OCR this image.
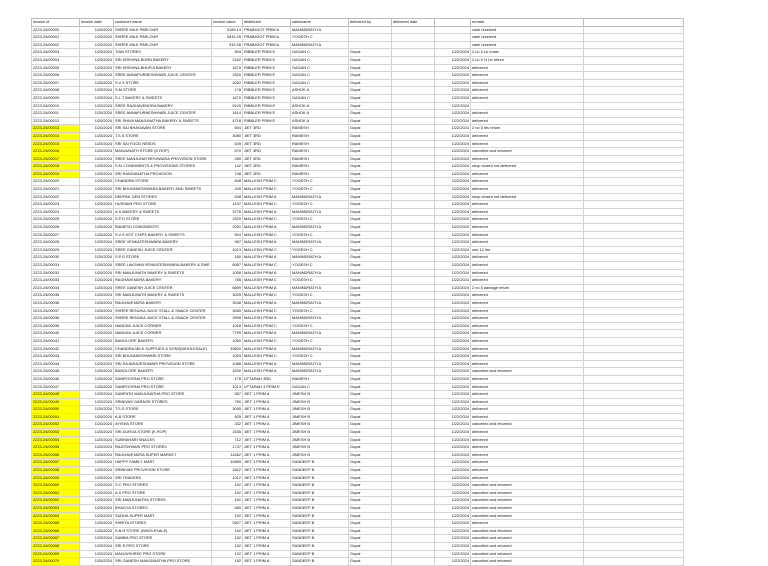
invoice id	invoice date	customer name	invoice value	distributor	salesname	delivered by	delivered date		remark	
2223-24/00000	1/20/2024	SHREE MILK PARLOUR	3159.14	PRABHJOT PRIM A	MANINDRATH A				cash received	
2223-24/00001	1/20/2024	SHREE MILK PARLOUR	2815.25	PRABHJOT PRIM A	YOGESH C				cash received	
2223-24/00002	1/20/2024	SHREE MILK PARLOUR	915.36	PRABHJOT PRIM A	MANINDRATH A				cash received	
2223-24/00003	1/20/2024	TIAN STORES	504	RIBBLER PRIM E	GAGAN C	Gopal		1/22/2024	2 no 5 Ltr chain	
2223-24/00004	1/20/2024	SRI KRISHNA BORN BAKERY	2182	RIBBLER PRIM E	GAGAN C	Gopal		1/22/2024	2 no 5 ½ Ltr return	
2223-24/00005	1/20/2024	SRI KRISHNA BHURJI BAKERY	1670	RIBBLER PRIM E	GAGAN C	Gopal		1/22/2024	delivered	
2223-24/00006	1/20/2024	SREE ANNAPURNESHWARI JUICE CENTER	1520	RIBBLER PRIM E	GAGAN C	Gopal		1/22/2024	delivered	
2223-24/00007	1/20/2024	S.V.S STORE	1052	RIBBLER PRIM E	GAGAN C	Gopal		1/22/2024	delivered	
2223-24/00008	1/20/2024	S.M.STORE	178	RIBBLER PRIM E	ASHOK A	Gopal		1/22/2024	delivered	
2223-24/00009	1/20/2024	S.L.T BAKERY & SWEETS	1670	RIBBLER PRIM E	GAGAN C	Gopal		1/22/2024	delivered	
2223-24/00010	1/20/2024	SREE RAGHAVENDRA BAKERY	9120	RIBBLER PRIM E	ASHOK A	Gopal		1/22/2024		
2223-24/00011	1/20/2024	SREE ANNAPURNESHWARI JUICE CENTER	1614	RIBBLER PRIM E	ASHOK A	Gopal		1/22/2024	delivered	
2223-24/00012	1/20/2024	SRI SHIVA MANJUNATHA BAKERY & SWEETS	4716	RIBBLER PRIM E	ASHOK A	Gopal		1/22/2024	delivered	
2223-24/00013	1/20/2024	SRI SAI BHAGAVAN STORE	504	JIET 3RD	RAMESH	Gopal		1/22/2024	2 no 5 ltrs return	
2223-24/00014	1/20/2024	T.S.S STORE	3080	JIET 3RD	RAMESH	Gopal		1/22/2024	delivered	
2223-24/00015	1/20/2024	SRI SAI FOOD NEEDS	639	JIET 3RD	RAMESH	Gopal		1/22/2024	delivered	
2223-24/00016	1/20/2024	MANJUNATH STORE (K ROP)	570	JIET 3RD	RAMESH	Gopal		1/22/2024	cancelled and returned	
2223-24/00017	1/20/2024	SREE MANJUNATHESHWARA PROVISION STORE	289	JIET 3RD	RAMESH	Gopal		1/22/2024	delivered	
2223-24/00018	1/20/2024	S.M CONDIMENTS & PROVISIONS STORES	142	JIET 3RD	RAMESH	Gopal		1/22/2024	shop closed not delivered	
2223-24/00019	1/20/2024	SRI RANGANATHA PROVISION	748	JIET 3RD	RAMESH	Gopal		1/22/2024	delivered	
2223-24/00020	1/20/2024	CHANDRA STORE	608	MALLESH PRIM C	YOGESH C	Gopal		1/22/2024	delivered	
2223-24/00021	1/20/2024	SRI BHUVANESHWARA BAKERY AND SWEETS	435	MALLESH PRIM C	YOGESH C	Gopal		1/22/2024	delivered	
2223-24/00022	1/20/2024	DEEPAK GEN STORES	638	MALLESH PRIM A	MANINDRATH A	Gopal		1/22/2024	shop closed not delivered	
2223-24/00023	1/20/2024	HUSSAIN PRO STORE	1197	MALLESH PRIM C	YOGESH C	Gopal		1/22/2024	delivered	
2223-24/00024	1/20/2024	A.S BAKERY & SWEETS	3776	MALLESH PRIM A	MANINDRATH A	Gopal		1/22/2024	delivered	
2223-24/00025	1/20/2024	S.P.G STORE	1529	MALLESH PRIM C	YOGESH C	Gopal		1/22/2024	delivered	
2223-24/00026	1/20/2024	RAMESH CONDIMENTS	2051	MALLESH PRIM A	MANINDRATH A	Gopal		1/22/2024	delivered	
2223-24/00027	1/20/2024	S.V.S HOT CHIPS BAKERY & SWEETS	504	MALLESH PRIM C	YOGESH C	Gopal		1/22/2024	delivered	
2223-24/00028	1/20/2024	SREE VENKATESHWARA BAKERY	967	MALLESH PRIM A	MANINDRATH A	Gopal		1/22/2024	delivered	
2223-24/00029	1/20/2024	SREE GANESH JUICE CENTER	1013	MALLESH PRIM C	YOGESH C	Gopal		1/22/2024	one 12 ltrs	
2223-24/00030	1/20/2024	S.P.G STORE	160	MALLESH PRIM A	MANINDRATH A	Gopal		1/22/2024	delivered	
2223-24/00031	1/20/2024	SREE LAKSHMI VENKATESHWARA BAKERY & SWE	8067	MALLESH PRIM C	YOGESH C	Gopal		1/22/2024	delivered	
2223-24/00032	1/20/2024	SRI MANJUNATH BAKERY & SWEETS	1058	MALLESH PRIM A	MANINDRATH A	Gopal		1/22/2024	delivered	
2223-24/00033	1/20/2024	RAGHAVENDRA BAKERY	785	MALLESH PRIM C	YOGESH C	Gopal		1/22/2024	delivered	
2223-24/00034	1/20/2024	SREE GANESH JUICE CENTER	6699	MALLESH PRIM A	MANINDRATH A	Gopal		1/22/2024	2 no 5 damage return	
2223-24/00035	1/20/2024	SRI MANJUNATH BAKERY & SWEETS	3025	MALLESH PRIM C	YOGESH C	Gopal		1/22/2024	delivered	
2223-24/00036	1/20/2024	RAGHAVENDRA BAKERY	3046	MALLESH PRIM A	MANINDRATH A	Gopal		1/22/2024	delivered	
2223-24/00037	1/20/2024	SHREE RENUKA JUICE STALL & SNACK CENTER	3080	MALLESH PRIM C	YOGESH C	Gopal		1/22/2024	delivered	
2223-24/00038	1/20/2024	SHREE RENUKA JUICE STALL & SNACK CENTER	3998	MALLESH PRIM A	MANINDRATH A	Gopal		1/22/2024	delivered	
2223-24/00039	1/20/2024	NANDINI JUICE CORNER	1018	MALLESH PRIM C	YOGESH C	Gopal		1/22/2024	delivered	
2223-24/00040	1/20/2024	NANDINI JUICE CORNER	7799	MALLESH PRIM A	MANINDRATH A	Gopal		1/22/2024	delivered	
2223-24/00041	1/20/2024	BANGLORE BAKERY	1050	MALLESH PRIM C	YOGESH C	Gopal		1/22/2024	delivered	
2223-24/00042	1/20/2024	CHANDRA MILK SUPPLIES & SONS(WHOLESALE)	39600	MALLESH PRIM A	MANINDRATH A	Gopal		1/22/2024	delivered	
2223-24/00043	1/20/2024	SRI BHUVANESHWARI STORE	1053	MALLESH PRIM C	YOGESH C	Gopal		1/22/2024	delivered	
2223-24/00044	1/20/2024	SRI RAJARAJESHWARI PROVISION STORE	1088	MALLESH PRIM A	MANINDRATH A	Gopal		1/22/2024	delivered	
2223-24/00045	1/20/2024	BANGLORE BAKERY	1530	MALLESH PRIM A	MANINDRATH A	Gopal		1/22/2024	cancelled and returned	
2223-24/00046	1/20/2024	SAMPOORNA PRO STORE	178	UTTARAH 3RD	RAMESH	Gopal		1/22/2024	delivered	
2223-24/00047	1/20/2024	SAMPOORNA PRO STORE	1013	UTTARAH 3 PRIM E	GAGAN C	Gopal		1/22/2024	delivered	
2223-24/00048	1/20/2024	SAMPATH MANJUNATHA PRO STORE	587	JIET 1 PRIM A	JIMESH B	Gopal		1/22/2024	delivered	
2223-24/00049	1/20/2024	SRINIVAS GARAGE STORES	750	JIET 1 PRIM A	JIMESH B	Gopal		1/22/2024	delivered	
2223-24/00050	1/20/2024	T.S.S STORE	3095	JIET 1 PRIM A	JIMESH B	Gopal		1/22/2024	delivered	
2223-24/00051	1/20/2024	A.B STORE	825	JIET 1 PRIM A	JIMESH B	Gopal		1/22/2024	delivered	
2223-24/00052	1/20/2024	AYISHA STORE	332	JIET 1 PRIM A	JIMESH B	Gopal		1/22/2024	cancelled and returned	
2223-24/00053	1/20/2024	SRI DURGA STORE (K ROP)	1535	JIET 1 PRIM A	JIMESH B	Gopal		1/22/2024	delivered	
2223-24/00054	1/20/2024	SUBHAHARI SNACKS	712	JIET 1 PRIM A	JIMESH B	Gopal		1/22/2024	delivered	
2223-24/00055	1/20/2024	RAJESHWARI PRO STORES	1737	JIET 1 PRIM A	JIMESH B	Gopal		1/22/2024	delivered	
2223-24/00056	1/20/2024	RAGHAVENDRA SUPER MARKET	11652	JIET 1 PRIM A	JIMESH B	Gopal		1/22/2024	delivered	
2223-24/00057	1/20/2024	HAPPY FAMILY MART	10689	JIET 1 PRIM A	SANDEEP B	Gopal		1/22/2024	delivered	
2223-24/00058	1/20/2024	SRINIVAS PROVISION STORE	1822	JIET 1 PRIM A	SANDEEP B	Gopal		1/22/2024	delivered	
2223-24/00059	1/20/2024	SRI TRADERS	1012	JIET 1 PRIM A	SANDEEP B	Gopal		1/22/2024	delivered	
2223-24/00060	1/20/2024	S.C PRO STORES	192	JIET 1 PRIM A	SANDEEP B	Gopal		1/22/2024	cancelled and returned	
2223-24/00061	1/20/2024	A.S PRO STORE	192	JIET 1 PRIM A	SANDEEP B	Gopal		1/22/2024	cancelled and returned	
2223-24/00062	1/20/2024	SRI MANJUNATHA STORES	192	JIET 1 PRIM A	SANDEEP B	Gopal		1/22/2024	cancelled and returned	
2223-24/00063	1/20/2024	BHAGYA STORES	580	JIET 1 PRIM A	SANDEEP B	Gopal		1/22/2024	cancelled and returned	
2223-24/00064	1/20/2024	SUDHA SUPER MART	192	JIET 1 PRIM A	SANDEEP B	Gopal		1/22/2024	cancelled and returned	
2223-24/00065	1/20/2024	SHRIYA STORES	2627	JIET 1 PRIM A	SANDEEP B	Gopal		1/22/2024	delivered	
2223-24/00066	1/20/2024	S.B.R STORE (WHOLESALE)	192	JIET 1 PRIM A	SANDEEP B	Gopal		1/22/2024	cancelled and returned	
2223-24/00067	1/20/2024	SAMBA PRO STORE	192	JIET 1 PRIM A	SANDEEP B	Gopal		1/22/2024	cancelled and returned	
2223-24/00068	1/20/2024	SRI S PRO STORE	192	JIET 1 PRIM A	SANDEEP B	Gopal		1/22/2024	cancelled and returned	
2223-24/00069	1/20/2024	MANJUSHREE PRO STORE	192	JIET 1 PRIM A	SANDEEP B	Gopal		1/22/2024	cancelled and returned	
2223-24/00070	1/20/2024	SRI GANESH MANJUNATHA PRO STORE	192	JIET 1 PRIM A	SANDEEP B	Gopal		1/22/2024	cancelled and returned	
